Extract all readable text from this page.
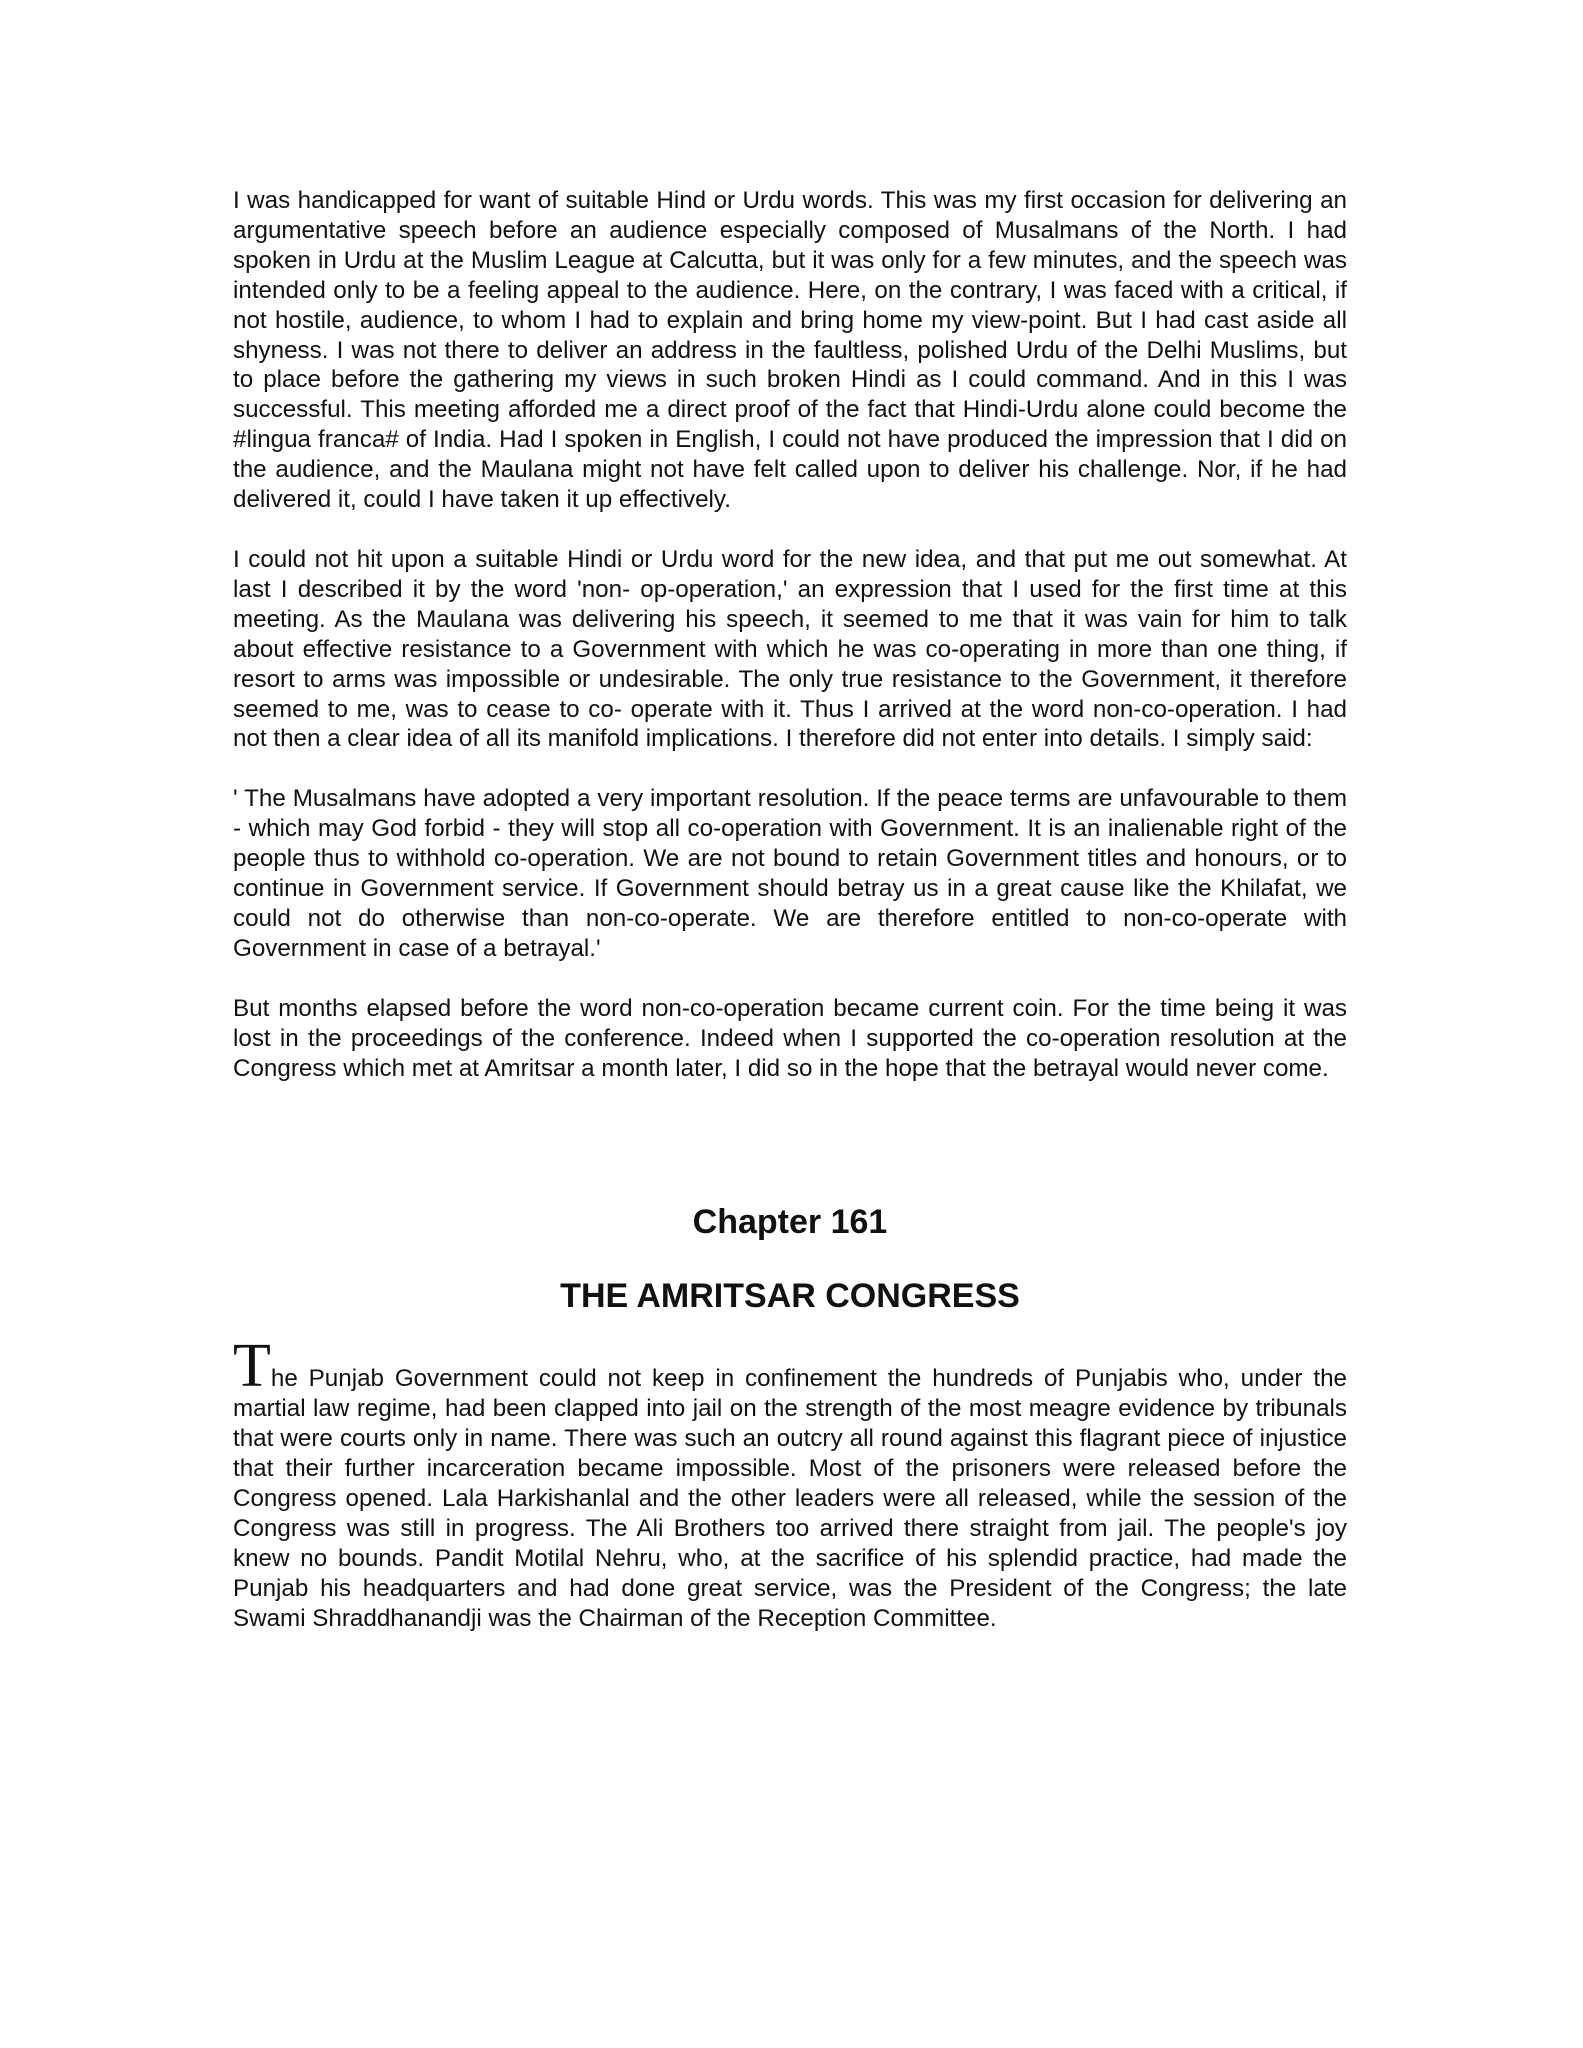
I was handicapped for want of suitable Hind or Urdu words. This was my first occasion for delivering an argumentative speech before an audience especially composed of Musalmans of the North. I had spoken in Urdu at the Muslim League at Calcutta, but it was only for a few minutes, and the speech was intended only to be a feeling appeal to the audience. Here, on the contrary, I was faced with a critical, if not hostile, audience, to whom I had to explain and bring home my view-point. But I had cast aside all shyness. I was not there to deliver an address in the faultless, polished Urdu of the Delhi Muslims, but to place before the gathering my views in such broken Hindi as I could command. And in this I was successful. This meeting afforded me a direct proof of the fact that Hindi-Urdu alone could become the #lingua franca# of India. Had I spoken in English, I could not have produced the impression that I did on the audience, and the Maulana might not have felt called upon to deliver his challenge. Nor, if he had delivered it, could I have taken it up effectively.

I could not hit upon a suitable Hindi or Urdu word for the new idea, and that put me out somewhat. At last I described it by the word 'non- op-operation,' an expression that I used for the first time at this meeting. As the Maulana was delivering his speech, it seemed to me that it was vain for him to talk about effective resistance to a Government with which he was co-operating in more than one thing, if resort to arms was impossible or undesirable. The only true resistance to the Government, it therefore seemed to me, was to cease to co- operate with it. Thus I arrived at the word non-co-operation. I had not then a clear idea of all its manifold implications. I therefore did not enter into details. I simply said:

' The Musalmans have adopted a very important resolution. If the peace terms are unfavourable to them - which may God forbid - they will stop all co-operation with Government. It is an inalienable right of the people thus to withhold co-operation. We are not bound to retain Government titles and honours, or to continue in Government service. If Government should betray us in a great cause like the Khilafat, we could not do otherwise than non-co-operate. We are therefore entitled to non-co-operate with Government in case of a betrayal.'

But months elapsed before the word non-co-operation became current coin. For the time being it was lost in the proceedings of the conference. Indeed when I supported the co-operation resolution at the Congress which met at Amritsar a month later, I did so in the hope that the betrayal would never come.

Chapter 161
THE AMRITSAR CONGRESS

The Punjab Government could not keep in confinement the hundreds of Punjabis who, under the martial law regime, had been clapped into jail on the strength of the most meagre evidence by tribunals that were courts only in name. There was such an outcry all round against this flagrant piece of injustice that their further incarceration became impossible. Most of the prisoners were released before the Congress opened. Lala Harkishanlal and the other leaders were all released, while the session of the Congress was still in progress. The Ali Brothers too arrived there straight from jail. The people's joy knew no bounds. Pandit Motilal Nehru, who, at the sacrifice of his splendid practice, had made the Punjab his headquarters and had done great service, was the President of the Congress; the late Swami Shraddhanandji was the Chairman of the Reception Committee.
